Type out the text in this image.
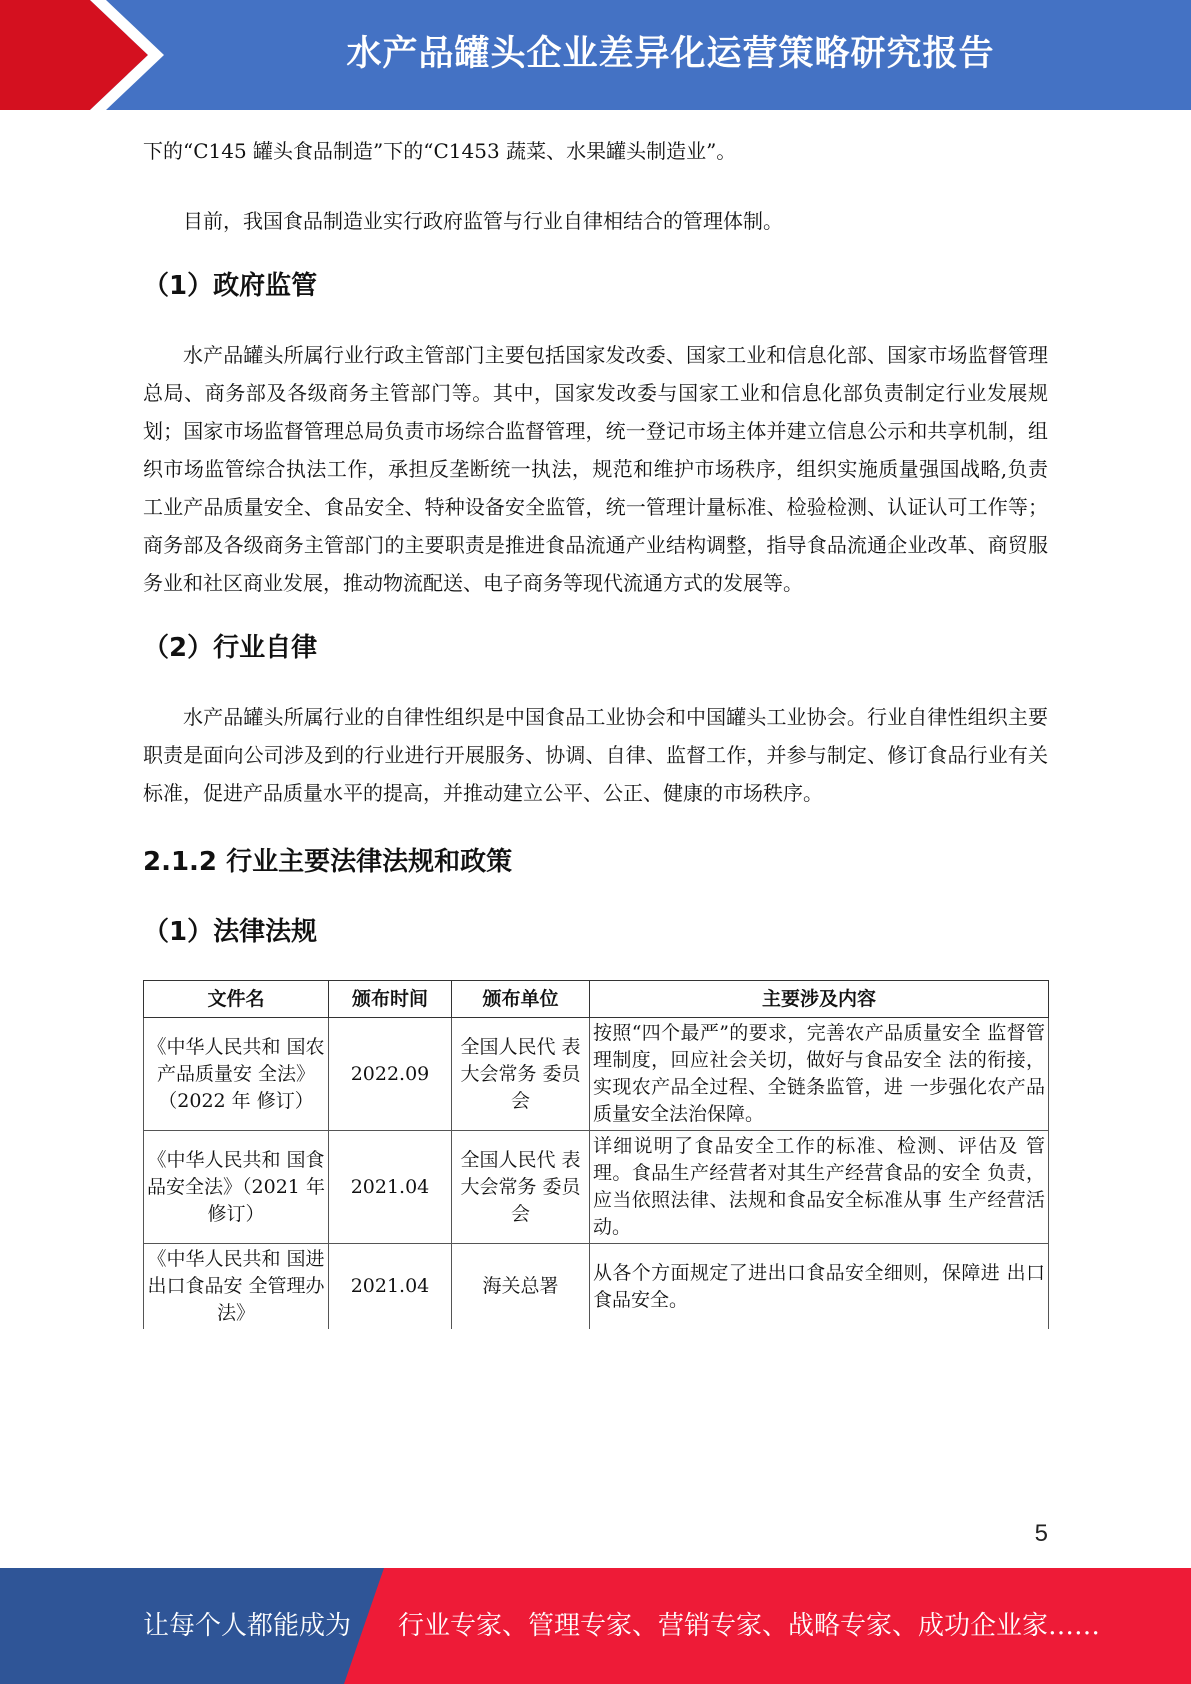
水产品罐头企业差异化运营策略研究报告

下的“C145 罐头食品制造”下的“C1453 蔬菜、水果罐头制造业”。

目前，我国食品制造业实行政府监管与行业自律相结合的管理体制。

（1）政府监管

水产品罐头所属行业行政主管部门主要包括国家发改委、国家工业和信息化部、国家市场监督管理总局、商务部及各级商务主管部门等。其中，国家发改委与国家工业和信息化部负责制定行业发展规划；国家市场监督管理总局负责市场综合监督管理，统一登记市场主体并建立信息公示和共享机制，组织市场监管综合执法工作，承担反垄断统一执法，规范和维护市场秩序，组织实施质量强国战略,负责工业产品质量安全、食品安全、特种设备安全监管，统一管理计量标准、检验检测、认证认可工作等；商务部及各级商务主管部门的主要职责是推进食品流通产业结构调整，指导食品流通企业改革、商贸服务业和社区商业发展，推动物流配送、电子商务等现代流通方式的发展等。

（2）行业自律

水产品罐头所属行业的自律性组织是中国食品工业协会和中国罐头工业协会。行业自律性组织主要职责是面向公司涉及到的行业进行开展服务、协调、自律、监督工作，并参与制定、修订食品行业有关标准，促进产品质量水平的提高，并推动建立公平、公正、健康的市场秩序。

2.1.2 行业主要法律法规和政策
（1）法律法规
文件名	颁布时间	颁布单位	主要涉及内容
《中华人民共和 国农产品质量安 全法》（2022 年 修订）	2022.09	全国人民代 表大会常务 委员会	按照“四个最严”的要求，完善农产品质量安全 监督管理制度，回应社会关切，做好与食品安全 法的衔接，实现农产品全过程、全链条监管，进 一步强化农产品质量安全法治保障。
《中华人民共和 国食品安全法》（2021 年修订）	2021.04	全国人民代 表大会常务 委员会	详细说明了食品安全工作的标准、检测、评估及 管理。食品生产经营者对其生产经营食品的安全 负责，应当依照法律、法规和食品安全标准从事 生产经营活动。
《中华人民共和 国进出口食品安 全管理办法》	2021.04	海关总署	从各个方面规定了进出口食品安全细则，保障进 出口食品安全。
5
让每个人都能成为 行业专家、管理专家、营销专家、战略专家、成功企业家……
